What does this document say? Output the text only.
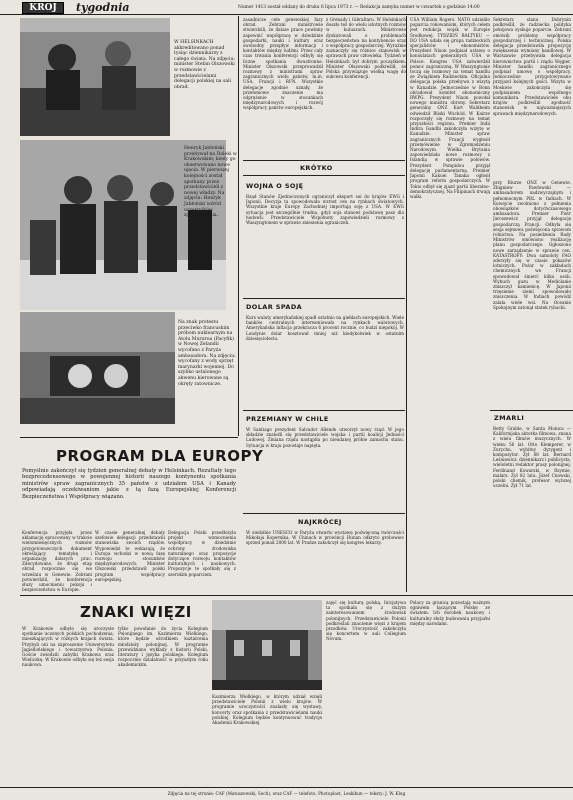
KROJ	tygodnia	Numer 1413 został oddany do druku 6 lipca 1973 r. — Redakcja zamyka numer w czwartek o godzinie 14:00
W HELSINKACH akkreditowano ponad tysiąc dziennikarzy z całego świata. Na zdjęciu: minister Stefan Olszowski w rozmowie z przedstawicielami delegacji polskiej na sali obrad.
Henryk Jabłoński przebywał na Daleki w Krakowskim; kiedy go obserwowano nowe ujęcia. W pierwszej kolejności został spotkany przez przedstawicieli z nowej władzy. Na zdjęciu: Henryk Jabłoński wśród uczestników zgromadzenia.
Na znak protestu przeciwko francuskim próbom nuklearnym na Atolu Mururoa (Pacyfik) w Nowej Zelandii wycofano z Paryża ambasadora. Na zdjęciu: wycofany z wody sprzęt marynarki wojennej. Do szybko ustalonego akwenu kierowane są okręty ratownicze.

zasadnicze cele genewskiej fazy obrad. Zebrani ministrowie stwierdzili, że dalsze prace powinny zapewnić współpracę w dziedzinie gospodarki, nauki i kultury oraz swobodny przepływ informacji i kontaktów między ludźmi. Przez cały czas trwania konferencji odbyły się liczne spotkania dwustronne. Minister Olszowski przeprowadził rozmowy z ministrami spraw zagranicznych wielu państw, m.in. USA, Francji i RFN. Wszystkie delegacje zgodnie uznały, że przełomowe znaczenie ma odprężenie w stosunkach międzynarodowych i rozwój współpracy państw europejskich.

KRÓTKO
WOJNA O SOJĘ

Rząd Stanów Zjednoczonych ograniczył eksport soi do krajów EWG i Japonii. Decyzja ta spowodowała wzrost cen na rynkach światowych. Wszystkie kraje Europy Zachodniej importują soję z USA. W EWG sytuacja jest szczególnie trudna, gdyż soja stanowi podstawę pasz dla hodowli. Przedstawiciele Wspólnoty zapowiedzieli rozmowy z Waszyngtonem w sprawie zniesienia ograniczeń.

DOLAR SPADA

Kurs waluty amerykańskiej spadł ostatnio na giełdach europejskich. Wiele banków centralnych interweniowało na rynkach walutowych. Amerykańska inflacja przekracza 6 procent rocznie, co budzi niepokój. W Londynie dolar kosztował mniej niż kiedykolwiek w ostatnim dziesięcioleciu.

PRZEMIANY W CHILE

W Santiago prezydent Salvador Allende utworzył nowy rząd. W jego składzie znaleźli się przedstawiciele wojska i partii koalicji Jedności Ludowej. Zmiana rządu nastąpiła po nieudanej próbie zamachu stanu. Sytuacja w kraju pozostaje napięta.

NAJKRÓCEJ

W siedzibie UNESCO w Paryżu otwarto wystawę poświęconą twórczości Mikołaja Kopernika. W Chinach w prowincji Hunan odkryto grobowiec sprzed ponad 2000 lat. W Pradze zakończył się kongres lekarzy.

z Grenady i Gibraltaru. W Helsinkach doszło też do wielu istotnych rozmów w kuluarach. Ministrowie dyskutowali o problemach bezpieczeństwa na kontynencie oraz o współpracy gospodarczej. Wyraźnie zaznaczyły się różnice stanowisk w sprawach praw człowieka. Tydzień w Helsinkach był dobrym początkiem. Minister Olszowski podkreślił, że Polska przywiązuje wielką wagę do sukcesu konferencji.

USA William Rogers. NATO udzieliło poparcia rokowaniom, których celem jest redukcja wojsk w Europie Środkowej. TYDZIEŃ BAŁTYKU — DO USA udała się grupa radzieckich specjalistów i ekonomistów. Prezydent Nixon podpisał ustawę o konsulatach generalnych USA w Polsce. Kongres USA zatwierdził pomoc zagraniczną. W Waszyngtonie toczą się rozmowy na temat handlu ze Związkiem Radzieckim. Oficjalna delegacja polska przebywa z wizytą w Kanadzie. Jednocześnie w Bonn obradował komitet ekonomiczny RWPG. Prezydent Nixon powołał nowego ministra obrony. Sekretarz generalny ONZ Kurt Waldheim odwiedził Bliski Wschód. W Kairze rozpoczęły się rozmowy na temat przyszłości regionu. Premier Indii Indira Gandhi zakończyła wizytę w Kanadzie. Minister spraw zagranicznych Francji wygłosił przemówienie w Zgromadzeniu Narodowym. Wielka Brytania zapowiedziała nowe rozmowy z Islandią w sprawie połowów. Prezydent Pompidou przyjął delegację parlamentarną. Premier Japonii Kakuei Tanaka ogłosił program reform gospodarczych. W Tokio odbył się zjazd partii liberalno-demokratycznej. Na Filipinach trwają walki.

Sekretarz stanu Dobrynin podkreślił, że radziecka polityka pokojowa zyskuje poparcie. Zebrani omówili problemy współpracy gospodarczej i technicznej. Polska delegacja przedstawiła propozycję zwiększenia wymiany handlowej. W Warszawie przebywała delegacja kierownictwa partii i rządu Węgier. Minister handlu zagranicznego podpisał umowę o współpracy. Jednocześnie przygotowywano przyjazd kolejnych gości. Wizyta w Moskwie zakończyła się podpisaniem wspólnego komunikatu. Przedstawiciele obu krajów podkreślili zgodność stanowisk w najważniejszych sprawach międzynarodowych.

przy Biurze ONZ w Genewie. Zbigniew Pawłowski — ambasadorem nadzwyczajnym i pełnomocnym PRL w Indiach. W Kuwejcie zwolniono z pełnienia obowiązków dotychczasowego ambasadora. Premier Piotr Jaroszewicz przyjął delegację gospodarczą Francji. Odbyła się sesja sejmowa poświęcona sprawom rolnictwa. Na posiedzeniu Rady Ministrów omówiono realizację planu gospodarczego. Ogłoszono nowe zarządzenie w sprawie cen. KATASTROFY: Dwa samoloty FAO zderzyły się w czasie pokazów lotniczych. Pożar w zakładach chemicznych we Francji spowodował śmierć kilku osób. Wybuch gazu w Mediolanie zniszczył kamienicę. W Japonii trzęsienie ziemi spowodowało zniszczenia. W Indiach powódź zalała wiele wsi. Na Oceanie Spokojnym zatonął statek rybacki.

ZMARLI

Betty Grable, w Santa Monica — Kalifornijska aktorka filmowa, znana z wielu filmów muzycznych. W wieku 56 lat. Otto Klemperer, w Zurychu, wybitny dyrygent i kompozytor. Żył 88 lat. Bernard Leśniewicz, dziennikarz i publicysta, wieloletni redaktor prasy polonijnej. Ferdinand Kowarski, w Rzymie, malarz. Żył 82 lata. Józef Cnowski, polski chemik, profesor wyższej uczelni. Żył 71 lat.

PROGRAM DLA EUROPY
Pomyślnie zakończył się tydzień generalnej debaty w Helsinkach. Rezultaty tego bezprecedensowego w powojennej historii naszego kontynentu spotkania ministrów spraw zagranicznych 35 państw z udziałem USA i Kanady odpowiadają oczekiwaniom jakie z tą fazą Europejskiej Konferencji Bezpieczeństwa i Współpracy wiązano.

Konferencja przyjęła przez aklamację opracowany w trakcie wielomiesięcznych rozmów przygotowawczych dokument określający tematykę i organizację dalszych prac. Zdecydowano, że drugi etap obrad rozpocznie się we wrześniu w Genewie. Zebrani potwierdzili, że konferencja służy umocnieniu pokoju i bezpieczeństwa w Europie.

W czasie generalnej debaty szefowie delegacji przedstawili stanowiska swoich rządów. Wypowiedzi te wskazują, że Europa wchodzi w nową fazę rozwoju stosunków międzynarodowych. Minister Olszowski przedstawił polski program współpracy europejskiej.

Delegacja Polski przedłożyła projekt wzmocnienia współpracy w dziedzinie ochrony środowiska naturalnego oraz propozycje dotyczące rozwoju kontaktów kulturalnych i naukowych. Propozycje te spotkały się z szerokim poparciem.

ZNAKI WIĘZI

W Krakowie odbyło się uroczyste spotkanie uczonych polskich pochodzenia, mieszkających w różnych krajach świata. Przybyli oni na zaproszenie Uniwersytetu Jagiellońskiego i towarzystwa Polonia. Goście zwiedzili zabytki Krakowa oraz Wieliczkę. W Krakowie odbyła się też sesja naukowa.

tylko powołanie do życia Kolegium Polonijnego im. Kazimierza Wielkiego, które będzie ośrodkiem kształcenia młodzieży polonijnej. W programie przewidziano wykłady z historii Polski, literatury i języka polskiego. Kolegium rozpocznie działalność w przyszłym roku akademickim.

Kazimierza Wielkiego, w którym udział wzięli przedstawiciele Polonii z wielu krajów. W programie uroczystości znalazły się wystawy, koncerty oraz spotkania z przedstawicielami nauki polskiej. Kolegium będzie kontynuować tradycje Akademii Krakowskiej.

zajęć się kulturą polską. Inicjatywa ta spotkała się z dużym zainteresowaniem środowisk polonijnych. Przedstawiciele Polonii podkreślali znaczenie więzi z krajem przodków. Uroczystość zakończyła się koncertem w auli Collegium Novum.

Polacy za granicą pozostają ważnym ogniwem łączącym Polskę ze światem. Ich dorobek naukowy i kulturalny służy budowaniu przyjaźni między narodami.

Zdjęcia na tej stronie: CAF (Matuszewski, Soch), oraz CAF — telefoto, Photoplast, Leskihun — teksty: J. W. Klug
